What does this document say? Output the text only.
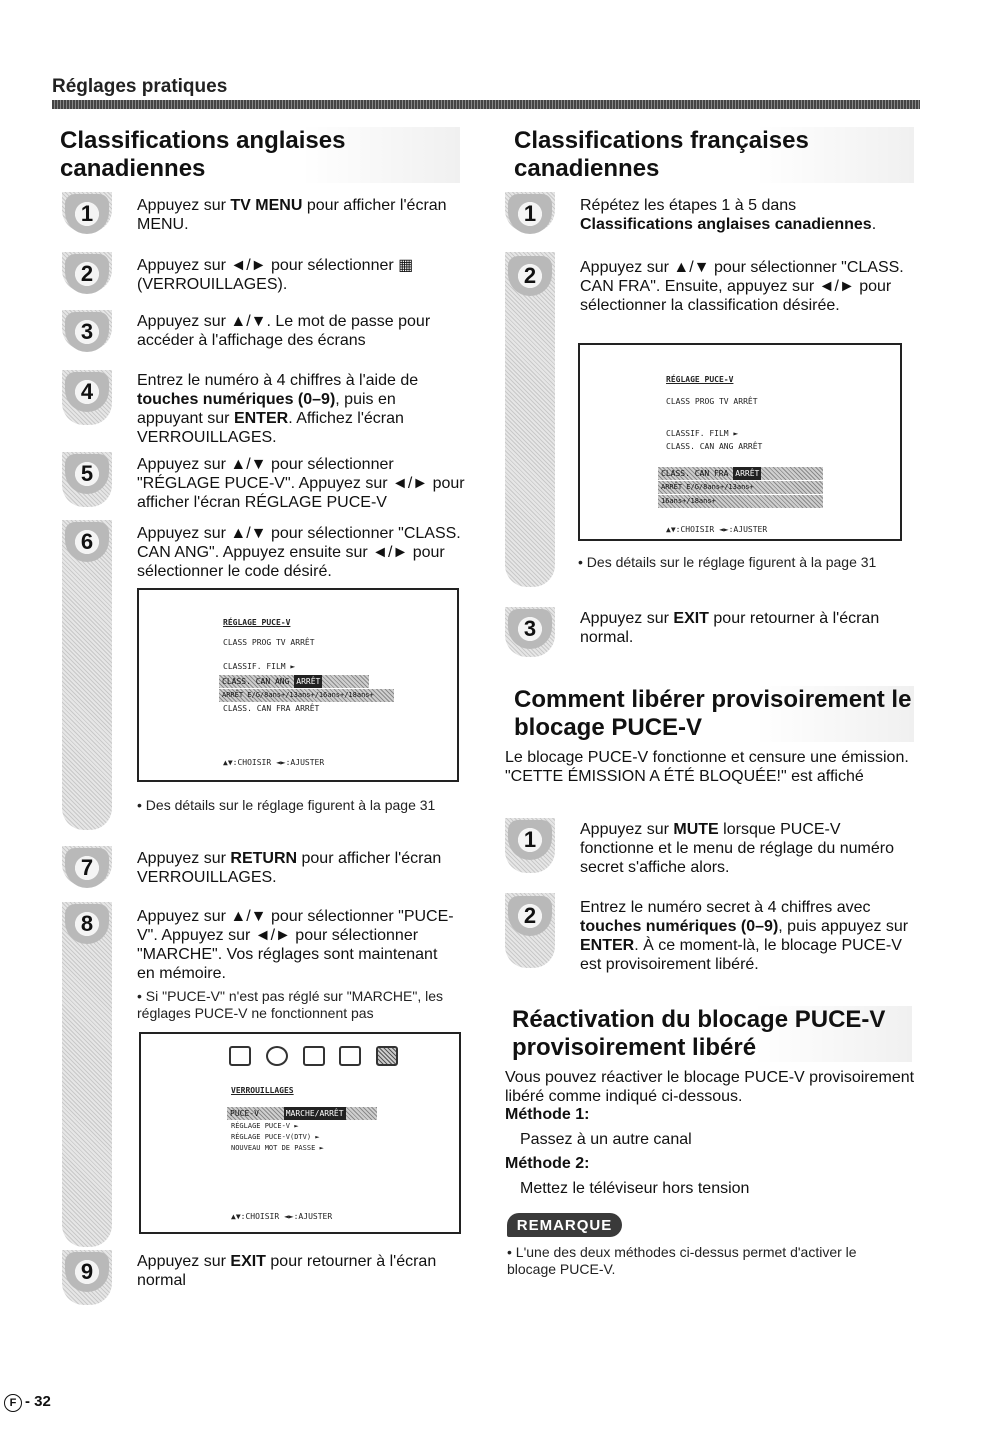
Réglages pratiques
Classifications anglaises
canadiennes
1
2
3
4
5
6
7
8
9
Appuyez sur TV MENU pour afficher l'écran MENU.
Appuyez sur ◄/► pour sélectionner ▦ (VERROUILLAGES).
Appuyez sur ▲/▼. Le mot de passe pour accéder à l'affichage des écrans
Entrez le numéro à 4 chiffres à l'aide de touches numériques (0–9), puis en appuyant sur ENTER. Affichez l'écran VERROUILLAGES.
Appuyez sur ▲/▼ pour sélectionner "RÉGLAGE PUCE-V". Appuyez sur ◄/► pour afficher l'écran RÉGLAGE PUCE-V
Appuyez sur ▲/▼ pour sélectionner "CLASS. CAN ANG". Appuyez ensuite sur ◄/► pour sélectionner le code désiré.
RÉGLAGE PUCE-V
CLASS PROG TV ARRÊT
CLASSIF. FILM ►
CLASS. CAN ANG ARRÊT
ARRÊT E/G/8ans+/13ans+/16ans+/18ans+
CLASS. CAN FRA ARRÊT
▲▼:CHOISIR ◄►:AJUSTER
• Des détails sur le réglage figurent à la page 31
Appuyez sur RETURN pour afficher l'écran VERROUILLAGES.
Appuyez sur ▲/▼ pour sélectionner "PUCE-V". Appuyez sur ◄/► pour sélectionner "MARCHE". Vos réglages sont maintenant en mémoire.
• Si "PUCE-V" n'est pas réglé sur "MARCHE", les réglages PUCE-V ne fonctionnent pas

VERROUILLAGES
PUCE-V	MARCHE/ARRÊT
RÉGLAGE PUCE-V ►
RÉGLAGE PUCE-V(DTV) ►
NOUVEAU MOT DE PASSE ►
▲▼:CHOISIR ◄►:AJUSTER
Appuyez sur EXIT pour retourner à l'écran normal
Classifications françaises
canadiennes
1
2
3
Répétez les étapes 1 à 5 dans Classifications anglaises canadiennes.
Appuyez sur ▲/▼ pour sélectionner "CLASS. CAN FRA". Ensuite, appuyez sur ◄/► pour sélectionner la classification désirée.
RÉGLAGE PUCE-V
CLASS PROG TV ARRÊT
CLASSIF. FILM ►
CLASS. CAN ANG ARRÊT
CLASS. CAN FRA ARRÊT
ARRÊT E/G/8ans+/13ans+
16ans+/18ans+
▲▼:CHOISIR ◄►:AJUSTER
• Des détails sur le réglage figurent à la page 31
Appuyez sur EXIT pour retourner à l'écran normal.
Comment libérer provisoirement le
blocage PUCE-V
Le blocage PUCE-V fonctionne et censure une émission. "CETTE ÉMISSION A ÉTÉ BLOQUÉE!" est affiché
1
2
Appuyez sur MUTE lorsque PUCE-V fonctionne et le menu de réglage du numéro secret s'affiche alors.
Entrez le numéro secret à 4 chiffres avec touches numériques (0–9), puis appuyez sur ENTER. À ce moment-là, le blocage PUCE-V est provisoirement libéré.
Réactivation du blocage PUCE-V
provisoirement libéré
Vous pouvez réactiver le blocage PUCE-V provisoirement libéré comme indiqué ci-dessous.
Méthode 1:
Passez à un autre canal
Méthode 2:
Mettez le téléviseur hors tension
REMARQUE
• L'une des deux méthodes ci-dessus permet d'activer le blocage PUCE-V.
F - 32
